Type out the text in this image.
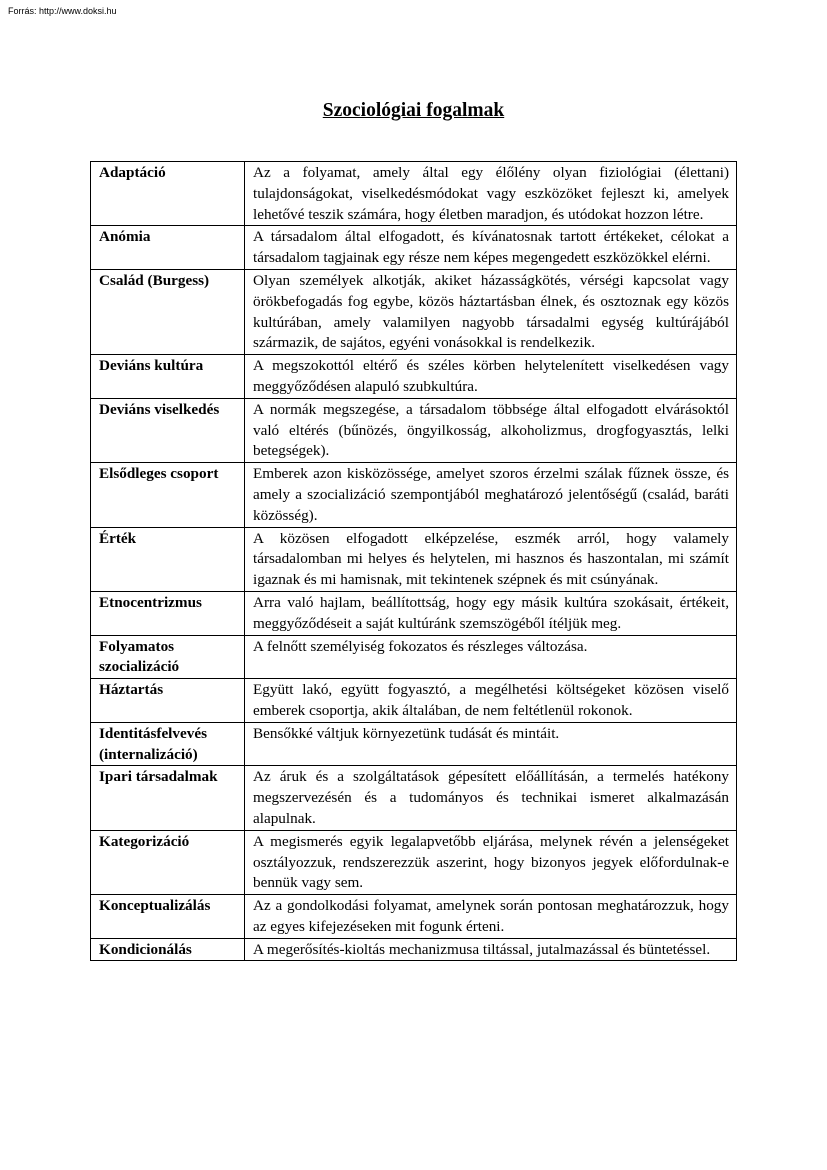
Forrás: http://www.doksi.hu
Szociológiai fogalmak
Adaptáció	Az a folyamat, amely által egy élőlény olyan fiziológiai (élettani) tulajdonságokat, viselkedésmódokat vagy eszközöket fejleszt ki, amelyek lehetővé teszik számára, hogy életben maradjon, és utódokat hozzon létre.
Anómia	A társadalom által elfogadott, és kívánatosnak tartott értékeket, célokat a társadalom tagjainak egy része nem képes megengedett eszközökkel elérni.
Család (Burgess)	Olyan személyek alkotják, akiket házasságkötés, vérségi kapcsolat vagy örökbefogadás fog egybe, közös háztartásban élnek, és osztoznak egy közös kultúrában, amely valamilyen nagyobb társadalmi egység kultúrájából származik, de sajátos, egyéni vonásokkal is rendelkezik.
Deviáns kultúra	A megszokottól eltérő és széles körben helytelenített viselkedésen vagy meggyőződésen alapuló szubkultúra.
Deviáns viselkedés	A normák megszegése, a társadalom többsége által elfogadott elvárásoktól való eltérés (bűnözés, öngyilkosság, alkoholizmus, drogfogyasztás, lelki betegségek).
Elsődleges csoport	Emberek azon kisközössége, amelyet szoros érzelmi szálak fűznek össze, és amely a szocializáció szempontjából meghatározó jelentőségű (család, baráti közösség).
Érték	A közösen elfogadott elképzelése, eszmék arról, hogy valamely társadalomban mi helyes és helytelen, mi hasznos és haszontalan, mi számít igaznak és mi hamisnak, mit tekintenek szépnek és mit csúnyának.
Etnocentrizmus	Arra való hajlam, beállítottság, hogy egy másik kultúra szokásait, értékeit, meggyőződéseit a saját kultúránk szemszögéből ítéljük meg.
Folyamatos szocializáció	A felnőtt személyiség fokozatos és részleges változása.
Háztartás	Együtt lakó, együtt fogyasztó, a megélhetési költségeket közösen viselő emberek csoportja, akik általában, de nem feltétlenül rokonok.
Identitásfelvevés (internalizáció)	Bensőkké váltjuk környezetünk tudását és mintáit.
Ipari társadalmak	Az áruk és a szolgáltatások gépesített előállításán, a termelés hatékony megszervezésén és a tudományos és technikai ismeret alkalmazásán alapulnak.
Kategorizáció	A megismerés egyik legalapvetőbb eljárása, melynek révén a jelenségeket osztályozzuk, rendszerezzük aszerint, hogy bizonyos jegyek előfordulnak-e bennük vagy sem.
Konceptualizálás	Az a gondolkodási folyamat, amelynek során pontosan meghatározzuk, hogy az egyes kifejezéseken mit fogunk érteni.
Kondicionálás	A megerősítés-kioltás mechanizmusa tiltással, jutalmazással és büntetéssel.
